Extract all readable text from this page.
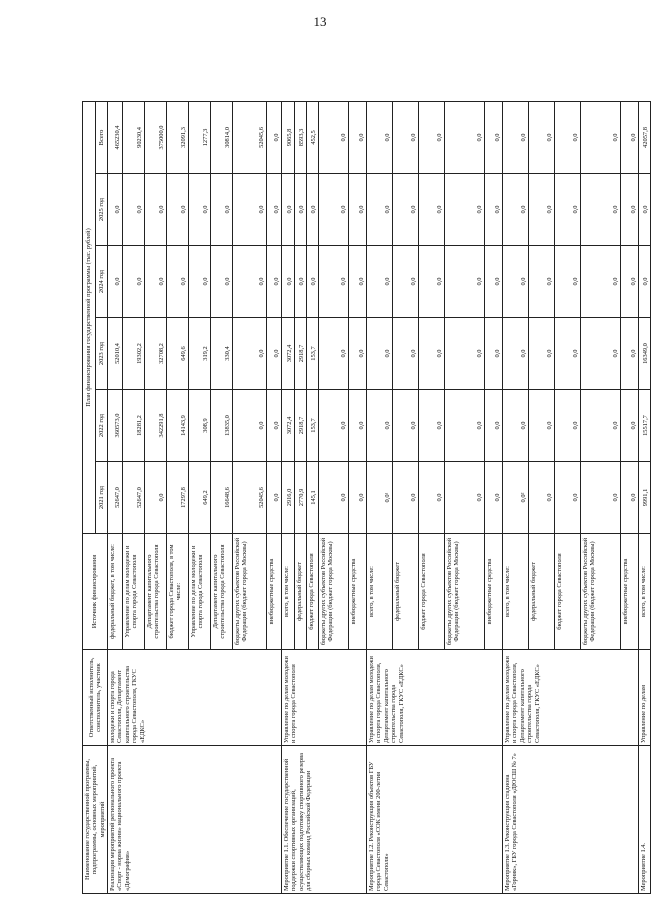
13
Наименование государственной программы, подпрограммы, основных мероприятий, мероприятий	Ответственный исполнитель, соисполнитель, участник	Источник финансирования	План финансирования государственной программы (тыс. рублей)					
			2021 год	2022 год	2023 год	2024 год	2025 год	Всего
Реализация мероприятий регионального проекта «Спорт - норма жизни» национального проекта «Демография»	молодежи и спорта города Севастополя, Департамент капитального строительства города Севастополя, ГКУС «ЕДКС»	федеральный бюджет, в том числе:	52647,0	360573,0	52010,4	0,0	0,0	465230,4
		Управление по делам молодежи и спорта города Севастополя	52647,0	18281,2	19302,2	0,0	0,0	90230,4
		Департамент капитального строительства города Севастополя	0,0	342291,8	32708,2	0,0	0,0	375000,0
		бюджет города Севастополя, в том числе:	17297,8	14143,9	649,6	0,0	0,0	32091,3
		Управление по делам молодежи и спорта города Севастополя	649,2	308,9	319,2	0,0	0,0	1277,3
		Департамент капитального строительства города Севастополя	16648,6	13835,0	330,4	0,0	0,0	30814,0
		бюджеты других субъектов Российской Федерации (бюджет города Москвы)	52045,6	0,0	0,0	0,0	0,0	52045,6
		внебюджетные средства	0,0	0,0	0,0	0,0	0,0	0,0
Мероприятие 1.1. Обеспечение государственной поддержки спортивных организаций, осуществляющих подготовку спортивного резерва для сборных команд Российской Федерации	Управление по делам молодежи и спорта города Севастополя	всего, в том числе:	2916,0	3072,4	3072,4	0,0	0,0	9065,8
		федеральный бюджет	2770,9	2918,7	2918,7	0,0	0,0	8593,3
		бюджет города Севастополя	145,1	153,7	153,7	0,0	0,0	452,5
		бюджеты других субъектов Российской Федерации (бюджет города Москвы)	0,0	0,0	0,0	0,0	0,0	0,0
		внебюджетные средства	0,0	0,0	0,0	0,0	0,0	0,0
Мероприятие 1.2. Реконструкция объектов ГБУ города Севастополя «СОК имени 200-летия Севастополя»	Управление по делам молодежи и спорта города Севастополя, Департамент капитального строительства города Севастополя, ГКУС «ЕДКС»	всего, в том числе:	0,0¹	0,0	0,0	0,0	0,0	0,0
		федеральный бюджет	0,0	0,0	0,0	0,0	0,0	0,0
		бюджет города Севастополя	0,0	0,0	0,0	0,0	0,0	0,0
		бюджеты других субъектов Российской Федерации (бюджет города Москвы)	0,0	0,0	0,0	0,0	0,0	0,0
		внебюджетные средства	0,0	0,0	0,0	0,0	0,0	0,0
Мероприятие 1.3. Реконструкция стадиона «Горняк», ГБУ города Севастополя «ДЮСШ № 7»	Управление по делам молодежи и спорта города Севастополя, Департамент капитального строительства города Севастополя, ГКУС «ЕДКС»	всего, в том числе:	0,0²	0,0	0,0	0,0	0,0	0,0
		федеральный бюджет	0,0	0,0	0,0	0,0	0,0	0,0
		бюджет города Севастополя	0,0	0,0	0,0	0,0	0,0	0,0
		бюджеты других субъектов Российской Федерации (бюджет города Москвы)	0,0	0,0	0,0	0,0	0,0	0,0
		внебюджетные средства	0,0	0,0	0,0	0,0	0,0	0,0
Мероприятие 1.4.	Управление по делам	всего, в том числе:	9991,1	15517,7	16349,0	0,0	0,0	42057,8
